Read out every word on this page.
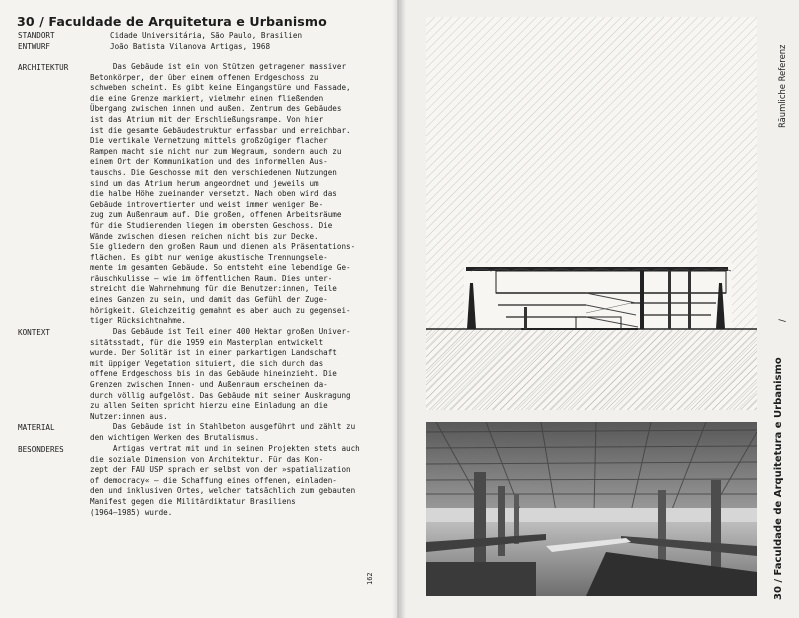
30 / Faculdade de Arquitetura e Urbanismo
STANDORT	Cidade Universitária, São Paulo, Brasilien
ENTWURF	João Batista Vilanova Artigas, 1968
ARCHITEKTUR	Das Gebäude ist ein von Stützen getragener massiver
Betonkörper, der über einem offenen Erdgeschoss zu
schweben scheint. Es gibt keine Eingangstüre und Fassade,
die eine Grenze markiert, vielmehr einen fließenden
Übergang zwischen innen und außen. Zentrum des Gebäudes
ist das Atrium mit der Erschließungsrampe. Von hier
ist die gesamte Gebäudestruktur erfassbar und erreichbar.
Die vertikale Vernetzung mittels großzügiger flacher
Rampen macht sie nicht nur zum Wegraum, sondern auch zu
einem Ort der Kommunikation und des informellen Aus-
tauschs. Die Geschosse mit den verschiedenen Nutzungen
sind um das Atrium herum angeordnet und jeweils um
die halbe Höhe zueinander versetzt. Nach oben wird das
Gebäude introvertierter und weist immer weniger Be-
zug zum Außenraum auf. Die großen, offenen Arbeitsräume
für die Studierenden liegen im obersten Geschoss. Die
Wände zwischen diesen reichen nicht bis zur Decke.
Sie gliedern den großen Raum und dienen als Präsentations-
flächen. Es gibt nur wenige akustische Trennungsele-
mente im gesamten Gebäude. So entsteht eine lebendige Ge-
räuschkulisse – wie im öffentlichen Raum. Dies unter-
streicht die Wahrnehmung für die Benutzer:innen, Teile
eines Ganzen zu sein, und damit das Gefühl der Zuge-
hörigkeit. Gleichzeitig gemahnt es aber auch zu gegensei-
tiger Rücksichtnahme.
KONTEXT	Das Gebäude ist Teil einer 400 Hektar großen Univer-
sitätsstadt, für die 1959 ein Masterplan entwickelt
wurde. Der Solitär ist in einer parkartigen Landschaft
mit üppiger Vegetation situiert, die sich durch das
offene Erdgeschoss bis in das Gebäude hineinzieht. Die
Grenzen zwischen Innen- und Außenraum erscheinen da-
durch völlig aufgelöst. Das Gebäude mit seiner Auskragung
zu allen Seiten spricht hierzu eine Einladung an die
Nutzer:innen aus.
MATERIAL	Das Gebäude ist in Stahlbeton ausgeführt und zählt zu
den wichtigen Werken des Brutalismus.
BESONDERES	Artigas vertrat mit und in seinen Projekten stets auch
die soziale Dimension von Architektur. Für das Kon-
zept der FAU USP sprach er selbst von der »spatialization
of democracy« – die Schaffung eines offenen, einladen-
den und inklusiven Ortes, welcher tatsächlich zum gebauten
Manifest gegen die Militärdiktatur Brasiliens
(1964–1985) wurde.
162	30 / Faculdade de Arquitetura e Urbanismo
/
Räumliche Referenz
